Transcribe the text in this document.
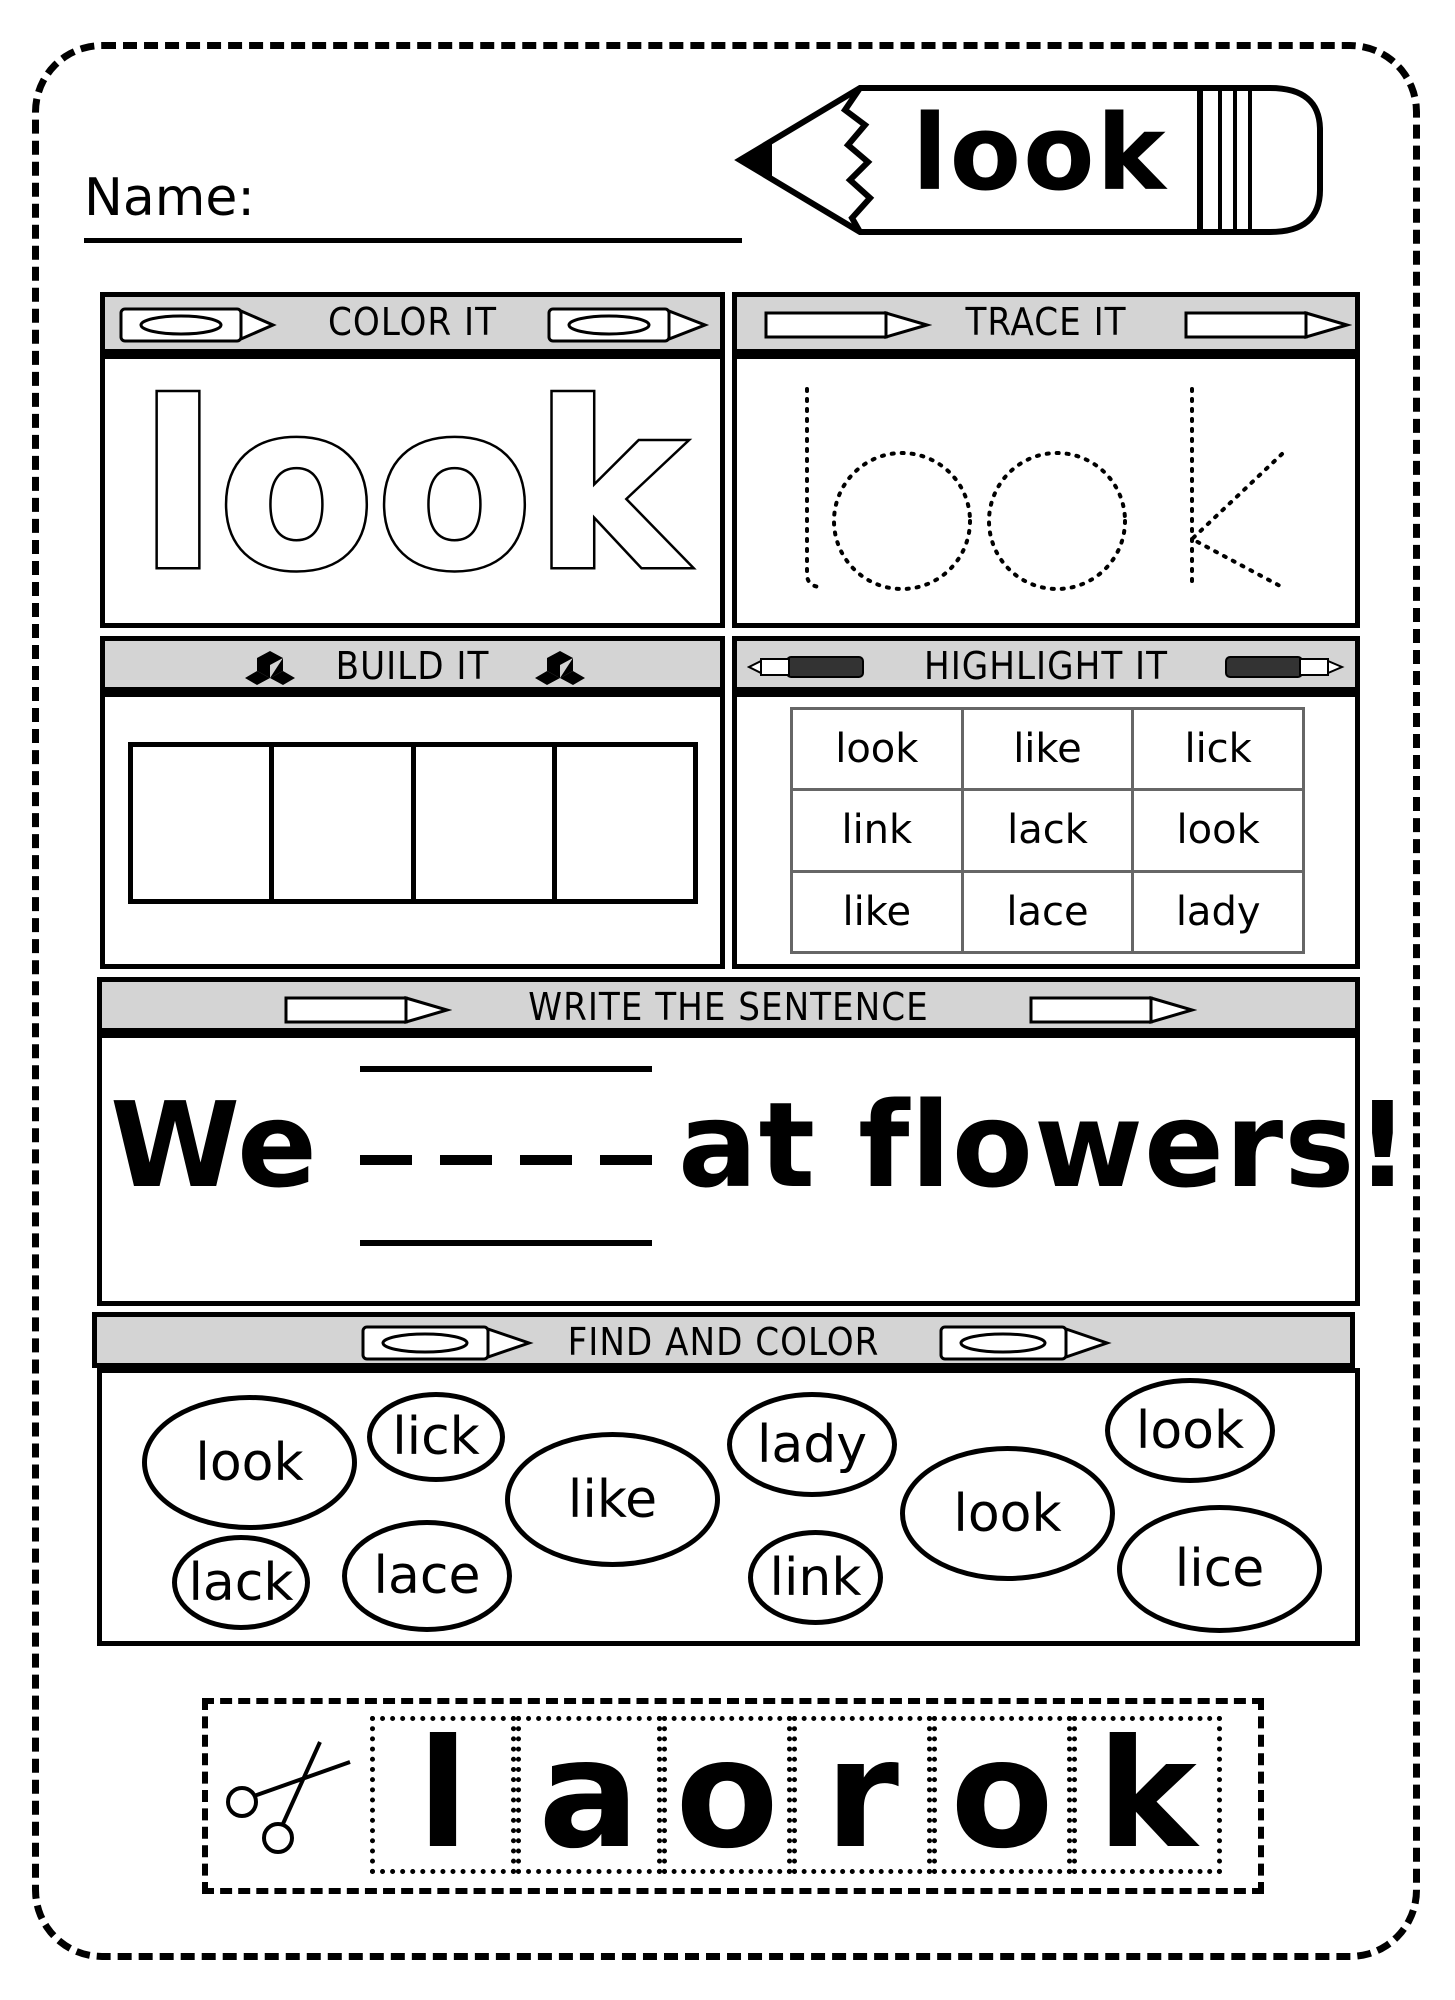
Name:	look
COLOR IT
look
TRACE IT
BUILD IT	HIGHLIGHT IT
look	like	lick
link	lack	look
like	lace	lady
WRITE THE SENTENCE
We	at flowers!
FIND AND COLOR
look	lick
like
lady	look
look
lack	lace	link	lice
l a o r o k
